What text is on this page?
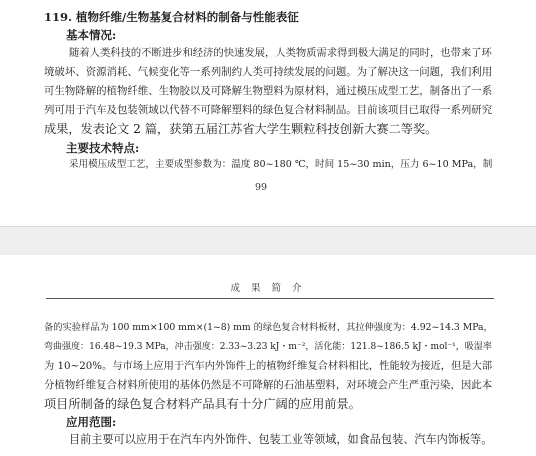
119. 植物纤维/生物基复合材料的制备与性能表征
基本情况:
随着人类科技的不断进步和经济的快速发展，人类物质需求得到极大满足的同时，也带来了环
境破坏、资源消耗、气候变化等一系列制约人类可持续发展的问题。为了解决这一问题，我们利用
可生物降解的植物纤维、生物胶以及可降解生物塑料为原材料，通过模压成型工艺，制备出了一系
列可用于汽车及包装领域以代替不可降解塑料的绿色复合材料制品。目前该项目已取得一系列研究
成果，发表论文 2 篇，获第五届江苏省大学生颗粒科技创新大赛二等奖。
主要技术特点:
采用模压成型工艺，主要成型参数为：温度 80~180 ℃，时间 15~30 min，压力 6~10 MPa，制
99
成 果 简 介
备的实验样品为 100 mm×100 mm×(1~8) mm 的绿色复合材料板材，其拉伸强度为：4.92~14.3 MPa，
弯曲强度：16.48~19.3 MPa，冲击强度：2.33~3.23 kJ・m⁻²，活化能：121.8~186.5 kJ・mol⁻¹，吸湿率
为 10~20%。与市场上应用于汽车内外饰件上的植物纤维复合材料相比，性能较为接近，但是大部
分植物纤维复合材料所使用的基体仍然是不可降解的石油基塑料，对环境会产生严重污染，因此本
项目所制备的绿色复合材料产品具有十分广阔的应用前景。
应用范围:
目前主要可以应用于在汽车内外饰件、包装工业等领域，如食品包装、汽车内饰板等。
